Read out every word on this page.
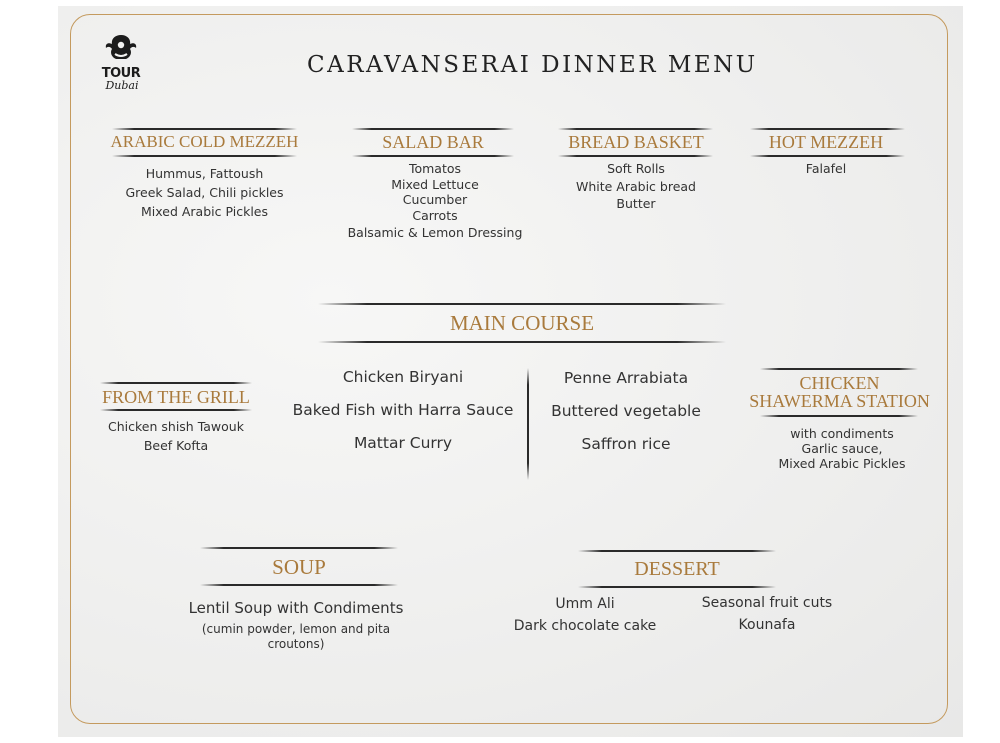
TOUR
Dubai
CARAVANSERAI DINNER MENU
ARABIC COLD MEZZEH
Hummus, Fattoush
Greek Salad, Chili pickles
Mixed Arabic Pickles
SALAD BAR
Tomatos
Mixed Lettuce
Cucumber
Carrots
Balsamic & Lemon Dressing
BREAD BASKET
Soft Rolls
White Arabic bread
Butter
HOT MEZZEH
Falafel
MAIN COURSE
Chicken Biryani
Baked Fish with Harra Sauce
Mattar Curry
Penne Arrabiata
Buttered vegetable
Saffron rice
FROM THE GRILL
Chicken shish Tawouk
Beef Kofta
CHICKEN
SHAWERMA STATION
with condiments
Garlic sauce,
Mixed Arabic Pickles
SOUP
Lentil Soup with Condiments
(cumin powder, lemon and pita
croutons)
DESSERT
Umm Ali
Dark chocolate cake
Seasonal fruit cuts
Kounafa
